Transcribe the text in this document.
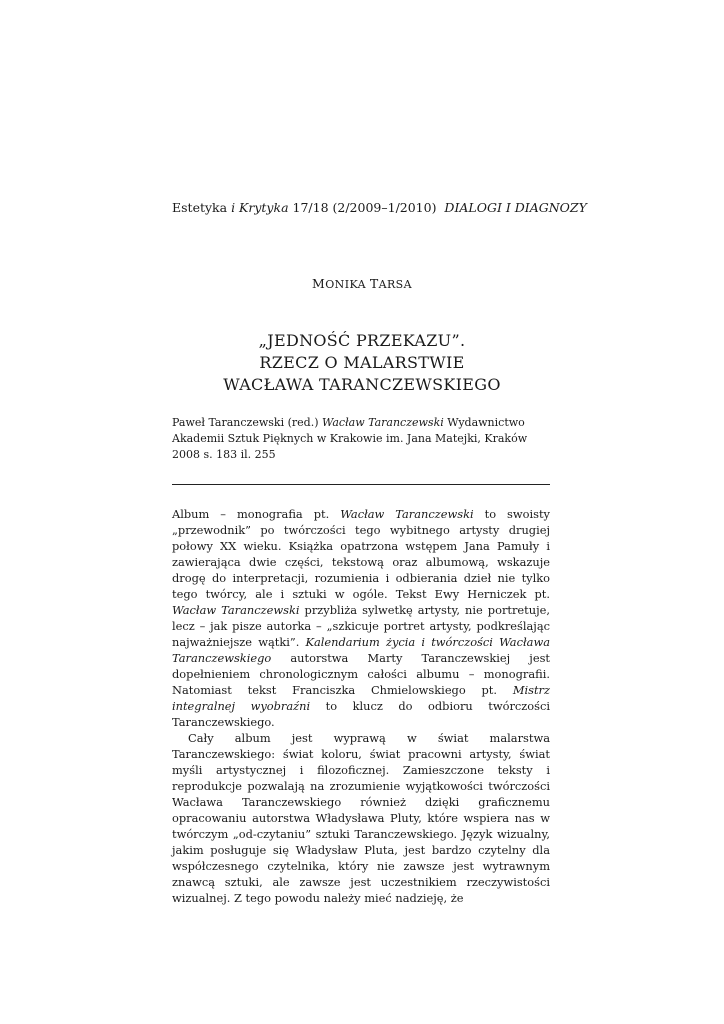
Estetyka i Krytyka 17/18 (2/2009–1/2010) DIALOGI I DIAGNOZY
MONIKA TARSA
„JEDNOŚĆ PRZEKAZU”.
RZECZ O MALARSTWIE
WACŁAWA TARANCZEWSKIEGO
Paweł Taranczewski (red.) Wacław Taranczewski Wydawnictwo Akademii Sztuk Pięknych w Krakowie im. Jana Matejki, Kraków 2008 s. 183 il. 255

Album – monografia pt. Wacław Taranczewski to swoisty „przewodnik” po twórczości tego wybitnego artysty drugiej połowy XX wieku. Książka opatrzona wstępem Jana Pamuły i zawierająca dwie części, tekstową oraz albumową, wskazuje drogę do interpretacji, rozumienia i odbierania dzieł nie tylko tego twórcy, ale i sztuki w ogóle. Tekst Ewy Herniczek pt. Wacław Taranczewski przybliża sylwetkę artysty, nie portretuje, lecz – jak pisze autorka – „szkicuje portret artysty, podkreślając najważniejsze wątki”. Kalendarium życia i twórczości Wacława Taranczewskiego autorstwa Marty Taranczewskiej jest dopełnieniem chronologicznym całości albumu – monografii. Natomiast tekst Franciszka Chmielowskiego pt. Mistrz integralnej wyobraźni to klucz do odbioru twórczości Taranczewskiego.

Cały album jest wyprawą w świat malarstwa Taranczewskiego: świat koloru, świat pracowni artysty, świat myśli artystycznej i filozoficznej. Zamieszczone teksty i reprodukcje pozwalają na zrozumienie wyjątkowości twórczości Wacława Taranczewskiego również dzięki graficznemu opracowaniu autorstwa Władysława Pluty, które wspiera nas w twórczym „od-czytaniu” sztuki Taranczewskiego. Język wizualny, jakim posługuje się Władysław Pluta, jest bardzo czytelny dla współczesnego czytelnika, który nie zawsze jest wytrawnym znawcą sztuki, ale zawsze jest uczestnikiem rzeczywistości wizualnej. Z tego powodu należy mieć nadzieję, że
